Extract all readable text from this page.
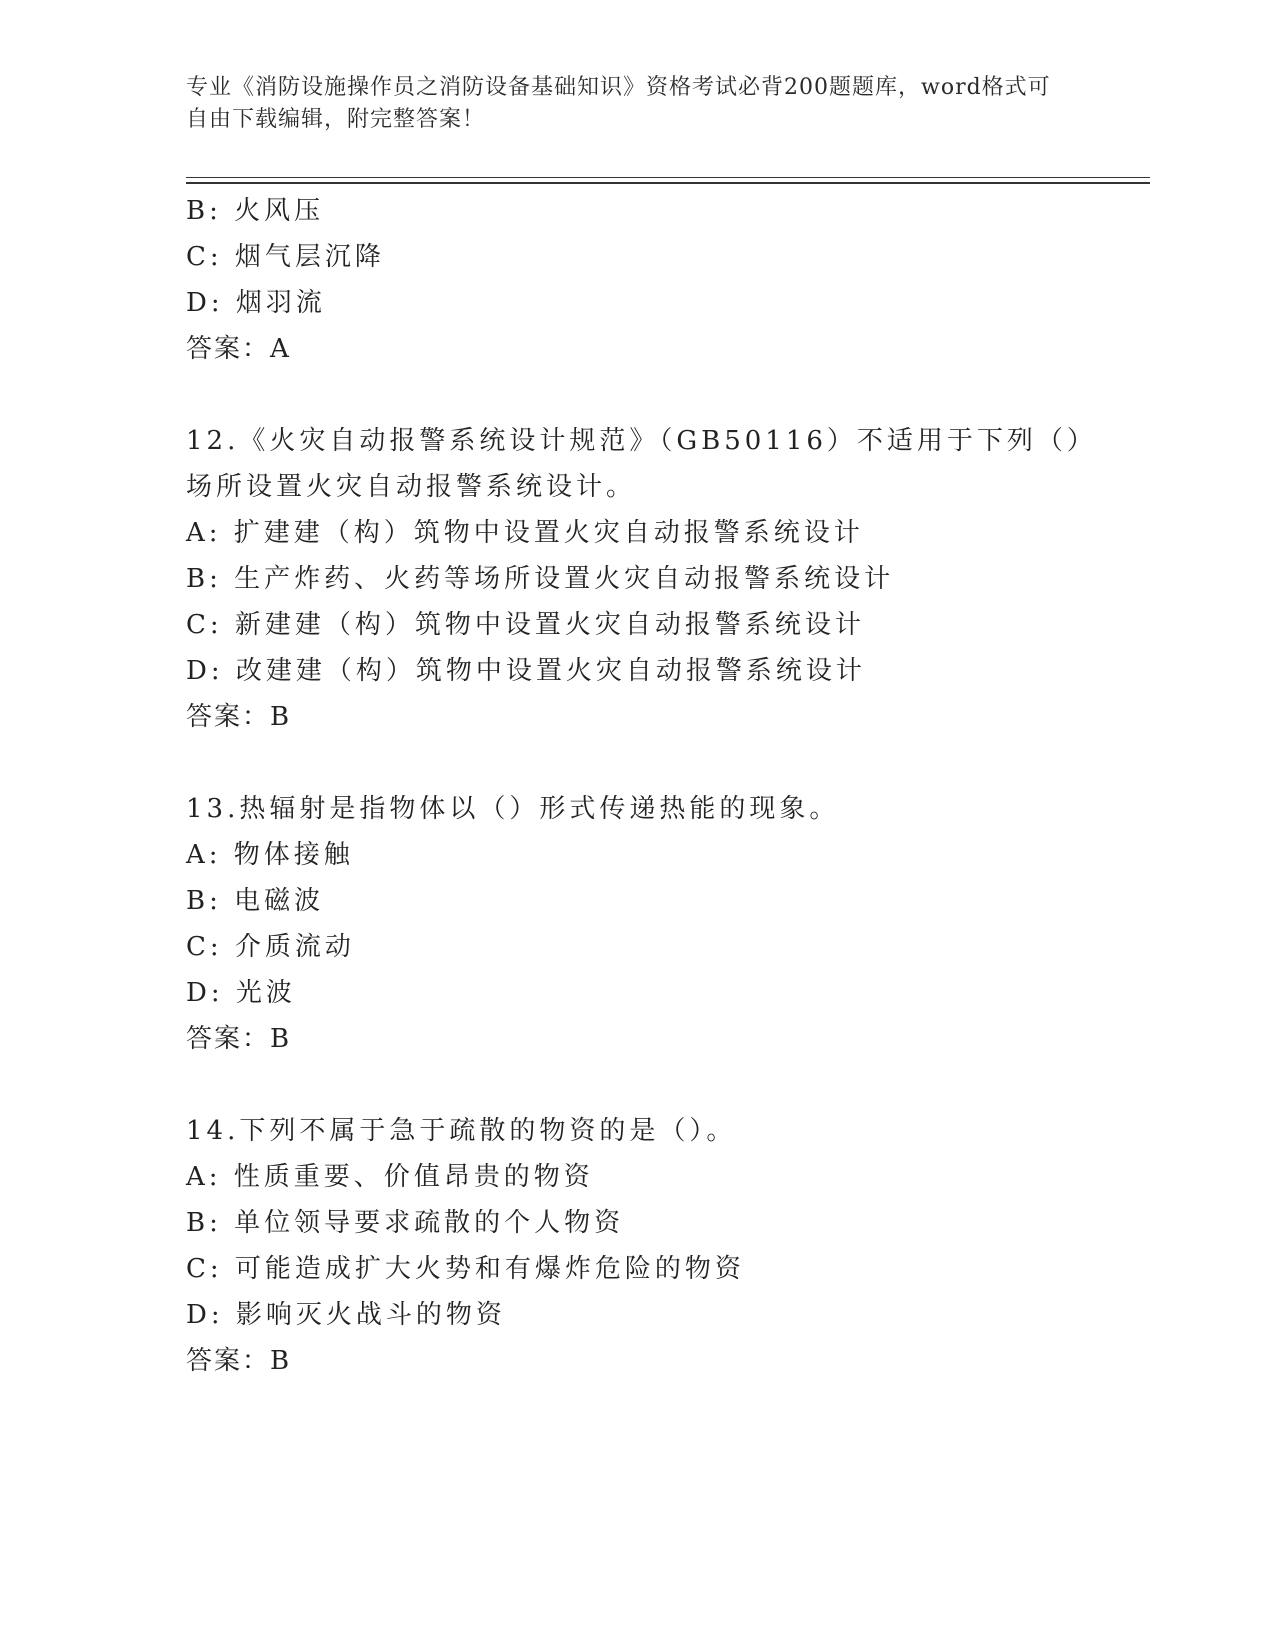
专业《消防设施操作员之消防设备基础知识》资格考试必背200题题库，word格式可自由下载编辑，附完整答案！
B: 火风压
C: 烟气层沉降
D: 烟羽流
答案：A
12.《火灾自动报警系统设计规范》（GB50116）不适用于下列（）场所设置火灾自动报警系统设计。
A: 扩建建（构）筑物中设置火灾自动报警系统设计
B: 生产炸药、火药等场所设置火灾自动报警系统设计
C: 新建建（构）筑物中设置火灾自动报警系统设计
D: 改建建（构）筑物中设置火灾自动报警系统设计
答案：B
13.热辐射是指物体以（）形式传递热能的现象。
A: 物体接触
B: 电磁波
C: 介质流动
D: 光波
答案：B
14.下列不属于急于疏散的物资的是（）。
A: 性质重要、价值昂贵的物资
B: 单位领导要求疏散的个人物资
C: 可能造成扩大火势和有爆炸危险的物资
D: 影响灭火战斗的物资
答案：B
